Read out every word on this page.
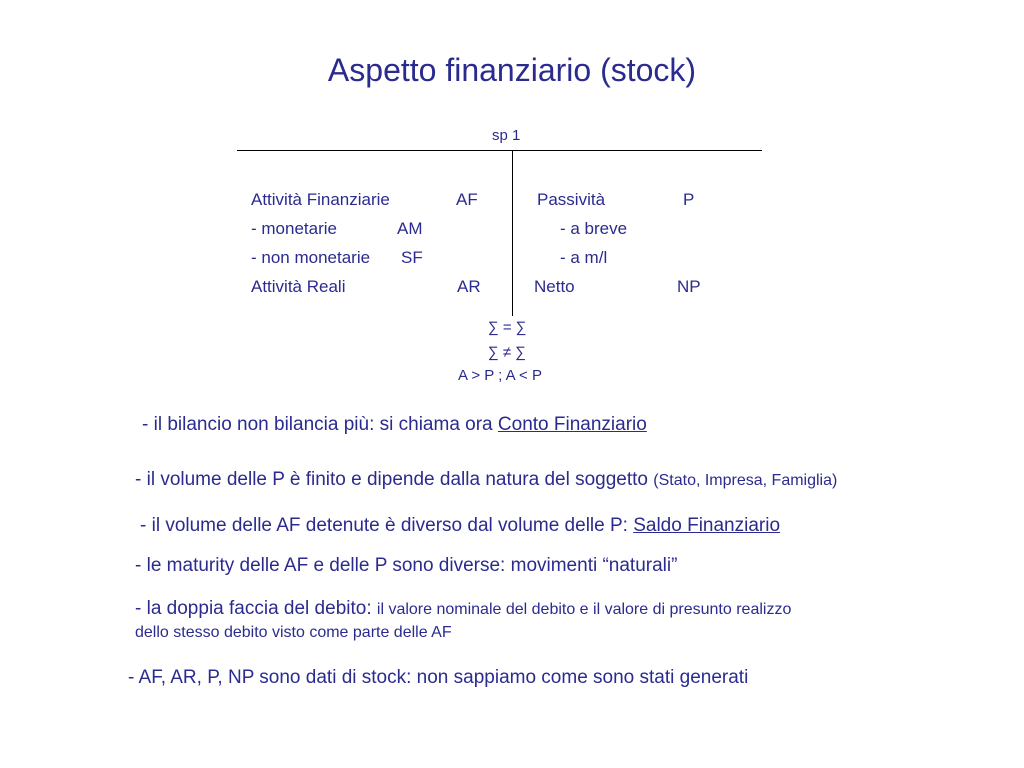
Aspetto finanziario (stock)
sp 1
Attività Finanziarie	AF
- monetarie	AM
- non monetarie SF
Attività Reali	AR
Passività	P
- a breve
- a m/l
Netto	NP
∑ = ∑
∑ ≠ ∑
A > P ; A < P
- il bilancio non bilancia più: si chiama ora Conto Finanziario
- il volume delle P è finito e dipende dalla natura del soggetto (Stato, Impresa, Famiglia)
- il volume delle AF detenute è diverso dal volume delle P: Saldo Finanziario
- le maturity delle AF e delle P sono diverse: movimenti “naturali”
- la doppia faccia del debito: il valore nominale del debito e il valore di presunto realizzo
dello stesso debito visto come parte delle AF
- AF, AR, P, NP sono dati di stock: non sappiamo come sono stati generati
